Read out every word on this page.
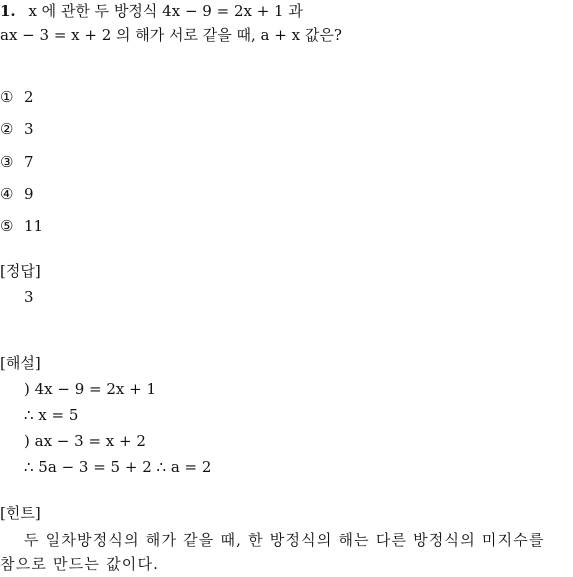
1. x 에 관한 두 방정식 4x − 9 = 2x + 1 과
ax − 3 = x + 2 의 해가 서로 같을 때, a + x 값은?
① 2
② 3
③ 7
④ 9
⑤ 11
[정답]
3
[해설]
) 4x − 9 = 2x + 1
∴ x = 5
) ax − 3 = x + 2
∴ 5a − 3 = 5 + 2 ∴ a = 2
[힌트]
두 일차방정식의 해가 같을 때, 한 방정식의 해는 다른 방정식의 미지수를
참으로 만드는 값이다.
